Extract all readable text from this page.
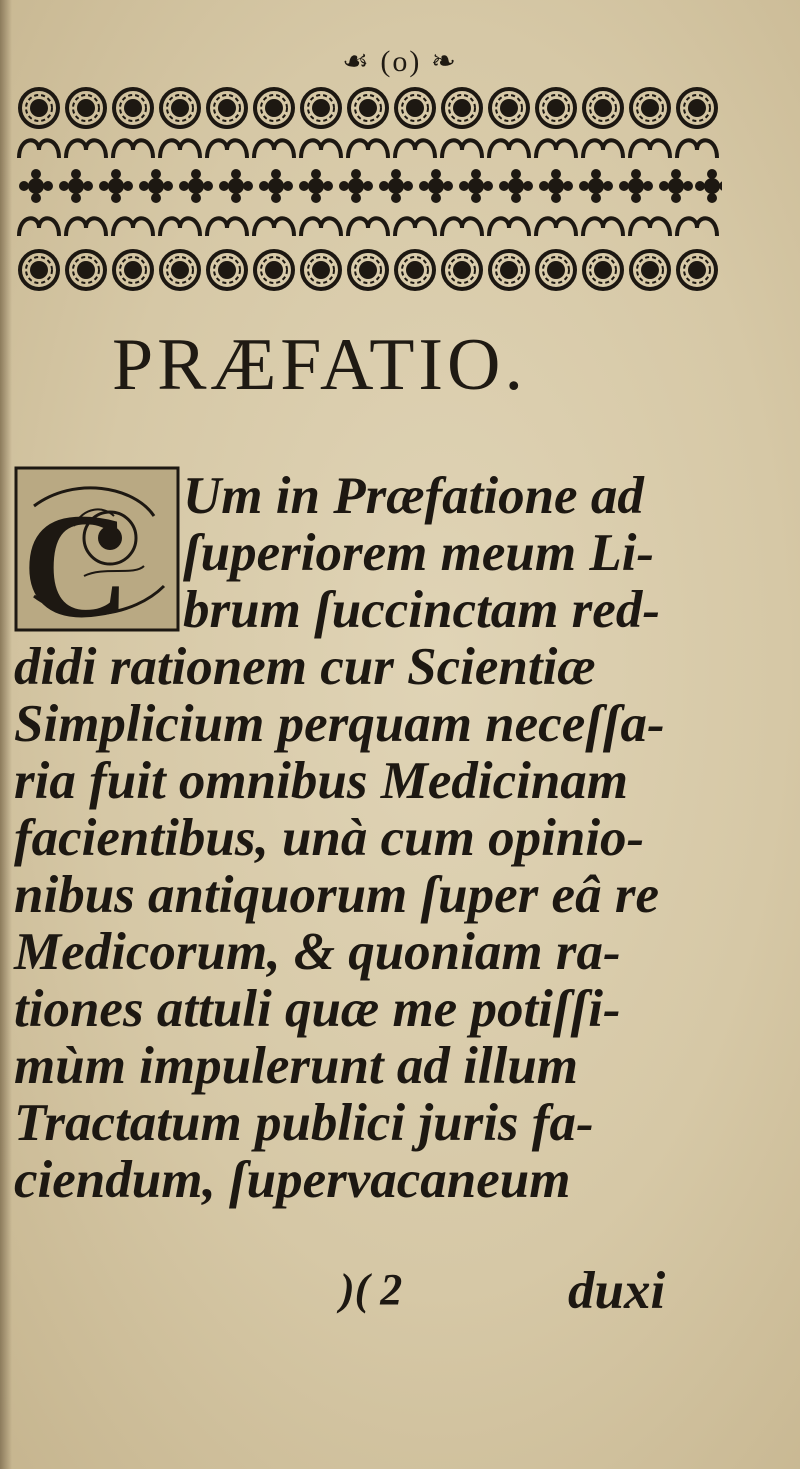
☙ (o) ❧
PRÆFATIO.
C Um in Præfatione ad
ſuperiorem meum Li-
brum ſuccinctam red-
didi rationem cur Scientiæ
Simplicium perquam neceſſa-
ria fuit omnibus Medicinam
facientibus, unà cum opinio-
nibus antiquorum ſuper eâ re
Medicorum, & quoniam ra-
tiones attuli quæ me potiſſi-
mùm impulerunt ad illum
Tractatum publici juris fa-
ciendum, ſupervacaneum
)( 2	duxi
